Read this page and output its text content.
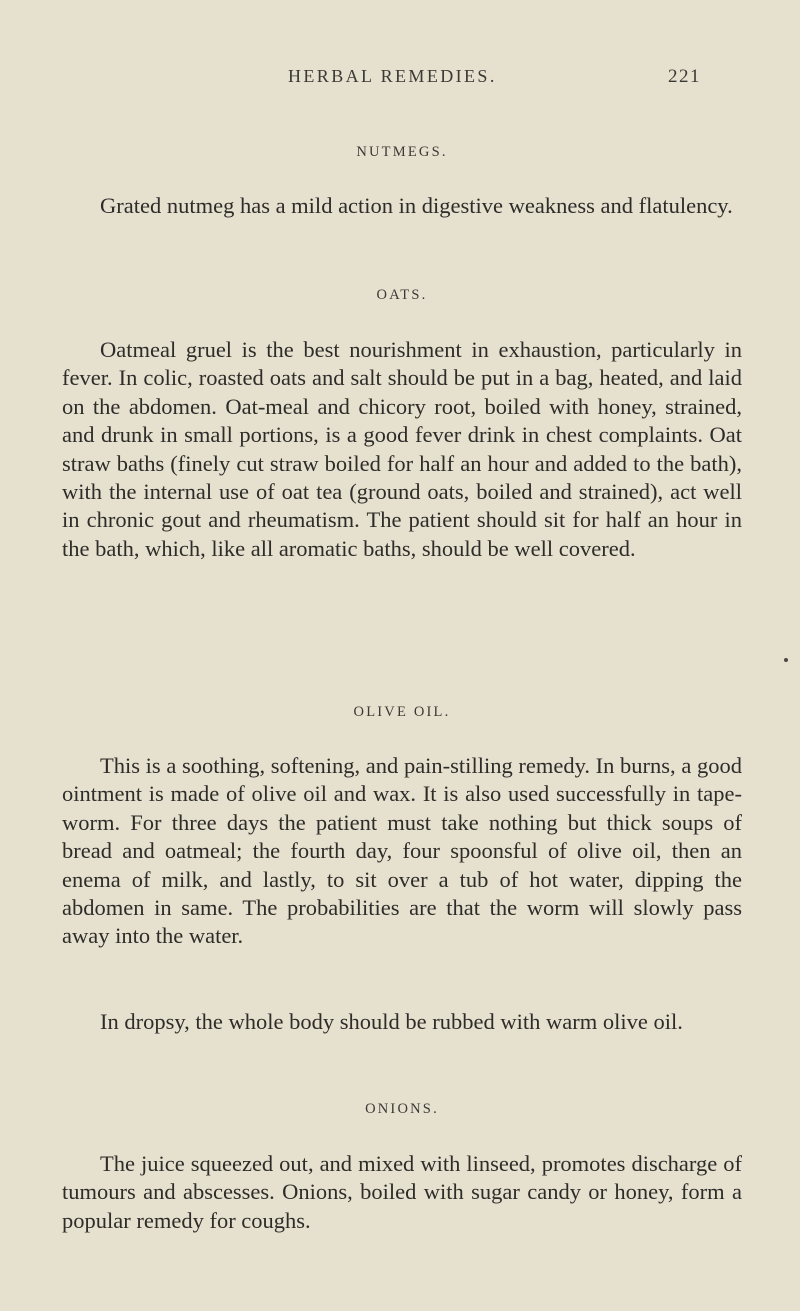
HERBAL REMEDIES.	221
NUTMEGS.

Grated nutmeg has a mild action in digestive weakness and flatulency.

OATS.

Oatmeal gruel is the best nourishment in exhaustion, particularly in fever. In colic, roasted oats and salt should be put in a bag, heated, and laid on the abdomen. Oat-meal and chicory root, boiled with honey, strained, and drunk in small portions, is a good fever drink in chest complaints. Oat straw baths (finely cut straw boiled for half an hour and added to the bath), with the internal use of oat tea (ground oats, boiled and strained), act well in chronic gout and rheumatism. The patient should sit for half an hour in the bath, which, like all aromatic baths, should be well covered.

OLIVE OIL.

This is a soothing, softening, and pain-stilling remedy. In burns, a good ointment is made of olive oil and wax. It is also used successfully in tape-worm. For three days the patient must take nothing but thick soups of bread and oatmeal; the fourth day, four spoonsful of olive oil, then an enema of milk, and lastly, to sit over a tub of hot water, dipping the abdomen in same. The probabilities are that the worm will slowly pass away into the water.

In dropsy, the whole body should be rubbed with warm olive oil.

ONIONS.

The juice squeezed out, and mixed with linseed, promotes discharge of tumours and abscesses. Onions, boiled with sugar candy or honey, form a popular remedy for coughs.
